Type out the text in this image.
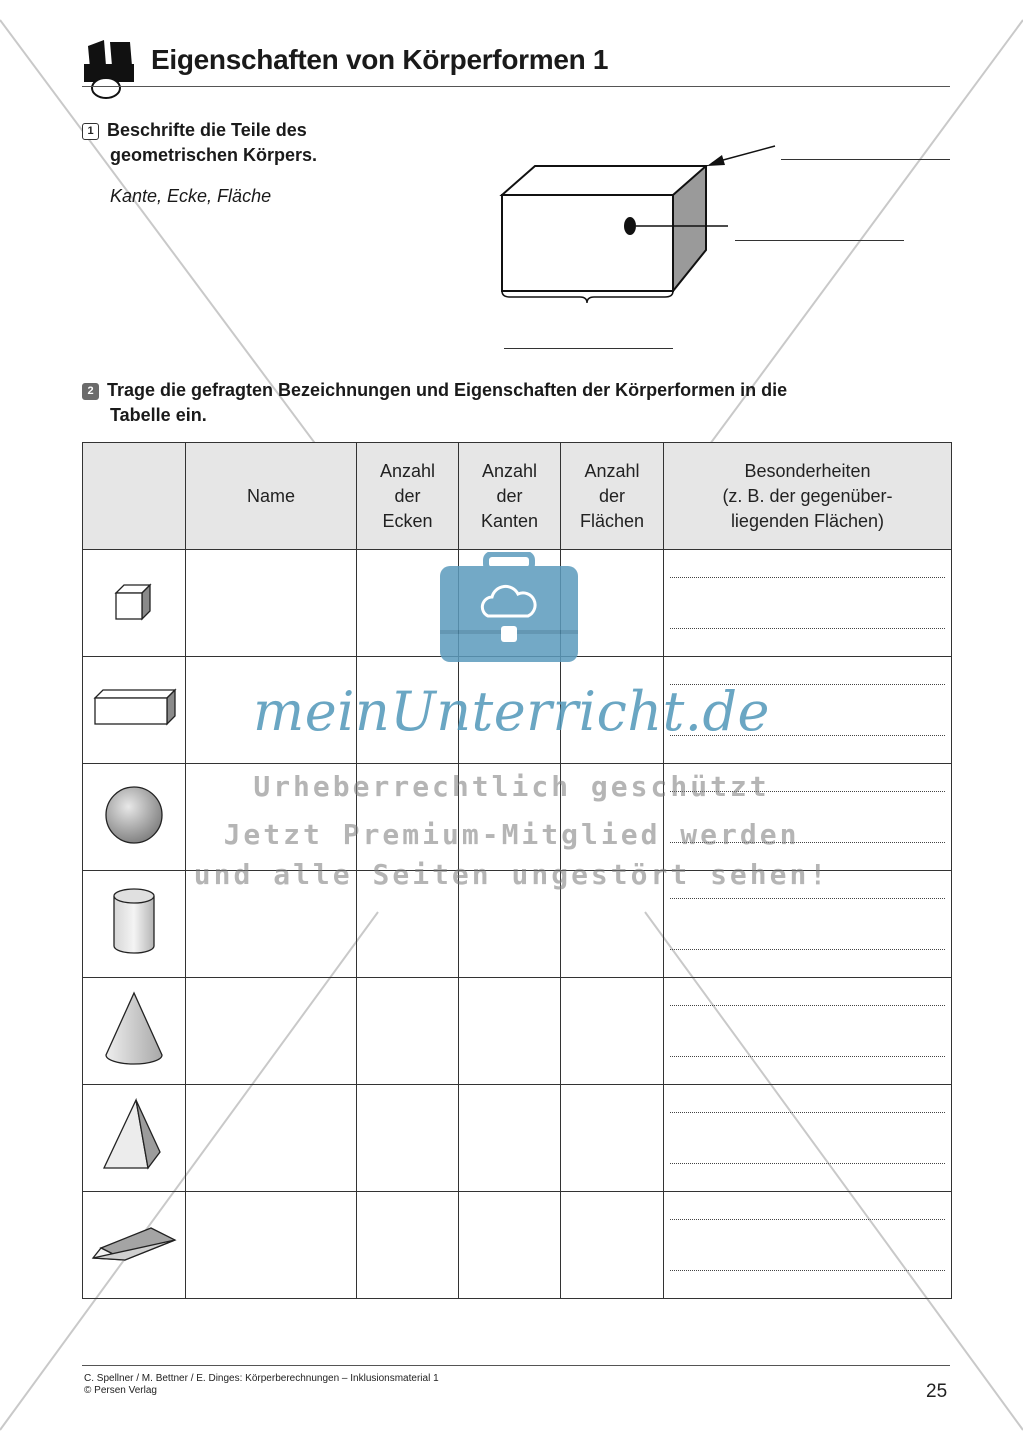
Eigenschaften von Körperformen 1
1 Beschrifte die Teile des
geometrischen Körpers.
Kante, Ecke, Fläche
2 Trage die gefragten Bezeichnungen und Eigenschaften der Körperformen in die
Tabelle ein.
	Name	Anzahl
der
Ecken	Anzahl
der
Kanten	Anzahl
der
Flächen	Besonderheiten
(z. B. der gegenüber-
liegenden Flächen)

meinUnterricht.de
Urheberrechtlich geschützt
Jetzt Premium-Mitglied werden
und alle Seiten ungestört sehen!
C. Spellner / M. Bettner / E. Dinges: Körperberechnungen – Inklusionsmaterial 1
© Persen Verlag	25
